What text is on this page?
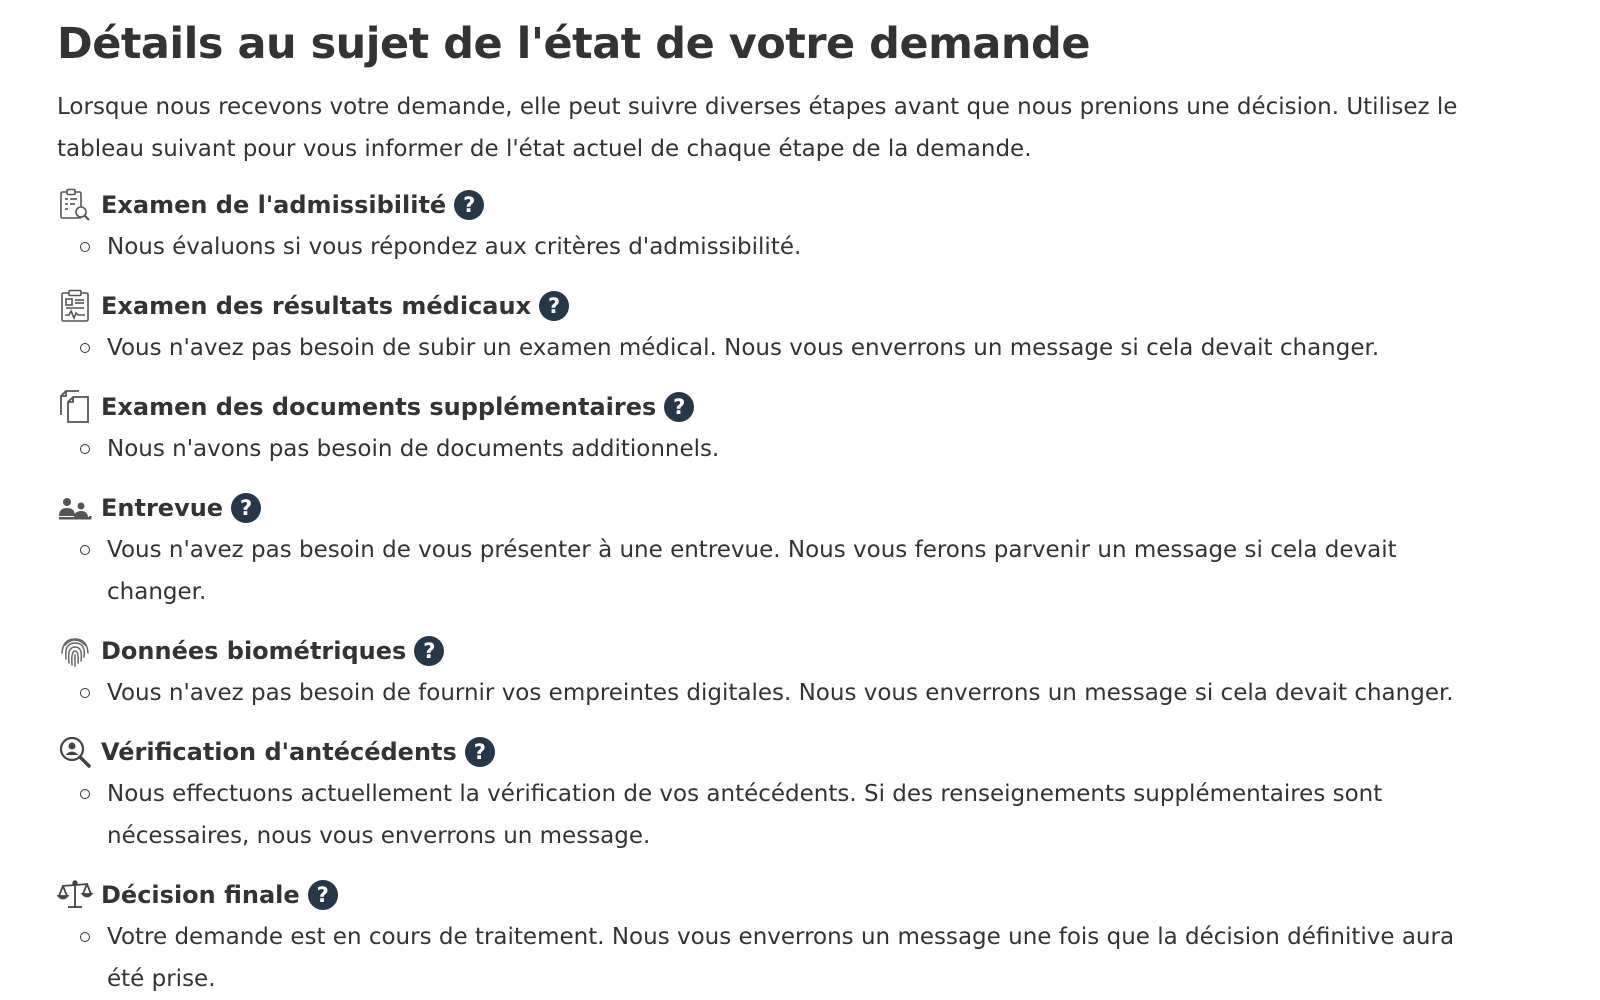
Détails au sujet de l'état de votre demande

Lorsque nous recevons votre demande, elle peut suivre diverses étapes avant que nous prenions une décision. Utilisez le tableau suivant pour vous informer de l'état actuel de chaque étape de la demande.

Examen de l'admissibilité ?
Nous évaluons si vous répondez aux critères d'admissibilité.
Examen des résultats médicaux ?
Vous n'avez pas besoin de subir un examen médical. Nous vous enverrons un message si cela devait changer.
Examen des documents supplémentaires ?
Nous n'avons pas besoin de documents additionnels.
Entrevue ?
Vous n'avez pas besoin de vous présenter à une entrevue. Nous vous ferons parvenir un message si cela devait changer.
Données biométriques ?
Vous n'avez pas besoin de fournir vos empreintes digitales. Nous vous enverrons un message si cela devait changer.
Vérification d'antécédents ?
Nous effectuons actuellement la vérification de vos antécédents. Si des renseignements supplémentaires sont nécessaires, nous vous enverrons un message.
Décision finale ?
Votre demande est en cours de traitement. Nous vous enverrons un message une fois que la décision définitive aura été prise.
